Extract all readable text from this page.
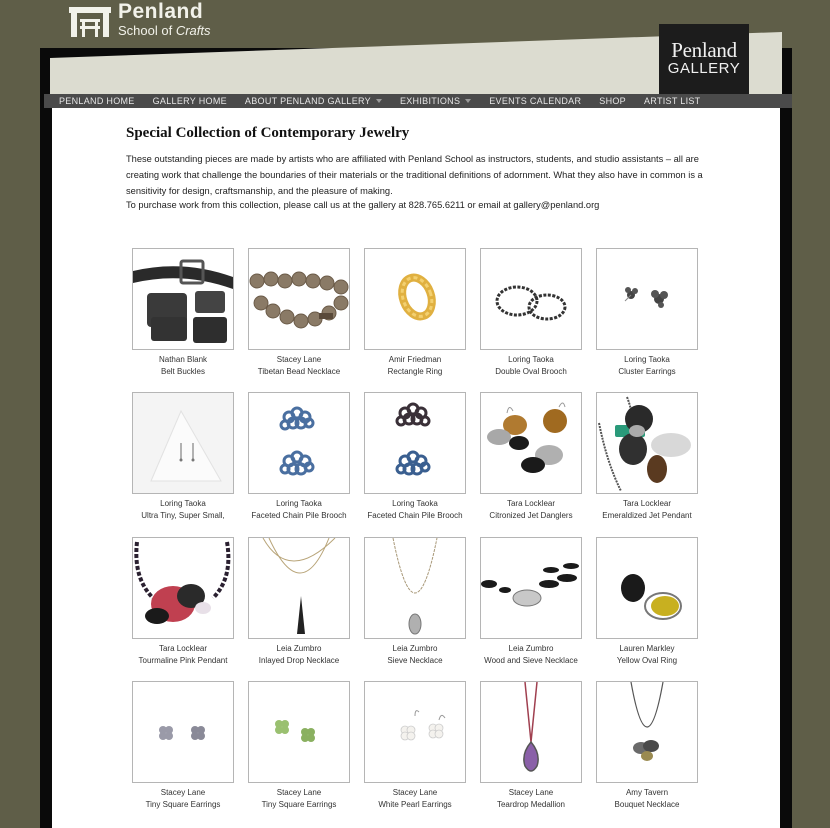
Penland
School of Crafts
Penland
GALLERY
PENLAND HOME GALLERY HOME ABOUT PENLAND GALLERY	EXHIBITIONS	EVENTS CALENDAR SHOP ARTIST LIST
Special Collection of Contemporary Jewelry

These outstanding pieces are made by artists who are affiliated with Penland School as instructors, students, and studio assistants – all are creating work that challenge the boundaries of their materials or the traditional definitions of adornment. What they also have in common is a sensitivity for design, craftsmanship, and the pleasure of making.

To purchase work from this collection, please call us at the gallery at 828.765.6211 or email at gallery@penland.org

Nathan Blank
Belt Buckles
Stacey Lane
Tibetan Bead Necklace
Amir Friedman
Rectangle Ring
Loring Taoka
Double Oval Brooch
Loring Taoka
Cluster Earrings
Loring Taoka
Ultra Tiny, Super Small,
Loring Taoka
Faceted Chain Pile Brooch
Loring Taoka
Faceted Chain Pile Brooch
Tara Locklear
Citronized Jet Danglers
Tara Locklear
Emeraldized Jet Pendant
Tara Locklear
Tourmaline Pink Pendant
Leia Zumbro
Inlayed Drop Necklace
Leia Zumbro
Sieve Necklace
Leia Zumbro
Wood and Sieve Necklace
Lauren Markley
Yellow Oval Ring
Stacey Lane
Tiny Square Earrings
Stacey Lane
Tiny Square Earrings
Stacey Lane
White Pearl Earrings
Stacey Lane
Teardrop Medallion
Amy Tavern
Bouquet Necklace
